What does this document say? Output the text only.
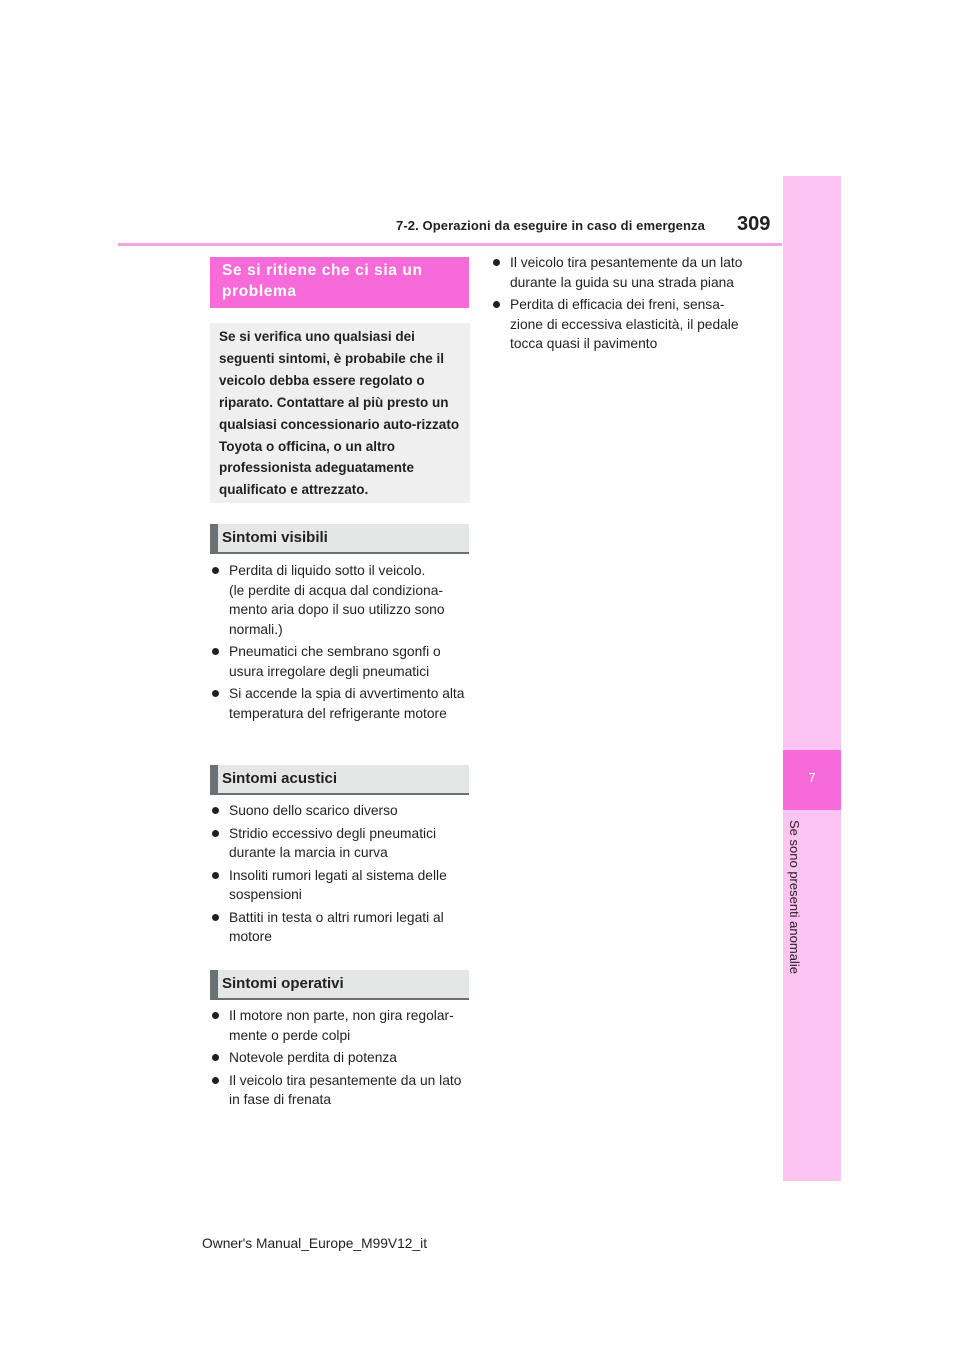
7-2. Operazioni da eseguire in caso di emergenza 309
7
Se sono presenti anomalie
Se si ritiene che ci sia un problema
Se si verifica uno qualsiasi dei seguenti sintomi, è probabile che il veicolo debba essere regolato o riparato. Contattare al più presto un qualsiasi concessionario auto-rizzato Toyota o officina, o un altro professionista adeguatamente qualificato e attrezzato.
Sintomi visibili
Perdita di liquido sotto il veicolo.
(le perdite di acqua dal condiziona-mento aria dopo il suo utilizzo sono normali.)
Pneumatici che sembrano sgonfi o usura irregolare degli pneumatici
Si accende la spia di avvertimento alta temperatura del refrigerante motore
Sintomi acustici
Suono dello scarico diverso
Stridio eccessivo degli pneumatici durante la marcia in curva
Insoliti rumori legati al sistema delle sospensioni
Battiti in testa o altri rumori legati al motore
Sintomi operativi
Il motore non parte, non gira regolar-mente o perde colpi
Notevole perdita di potenza
Il veicolo tira pesantemente da un lato in fase di frenata
Il veicolo tira pesantemente da un lato durante la guida su una strada piana
Perdita di efficacia dei freni, sensa-zione di eccessiva elasticità, il pedale tocca quasi il pavimento
Owner's Manual_Europe_M99V12_it
